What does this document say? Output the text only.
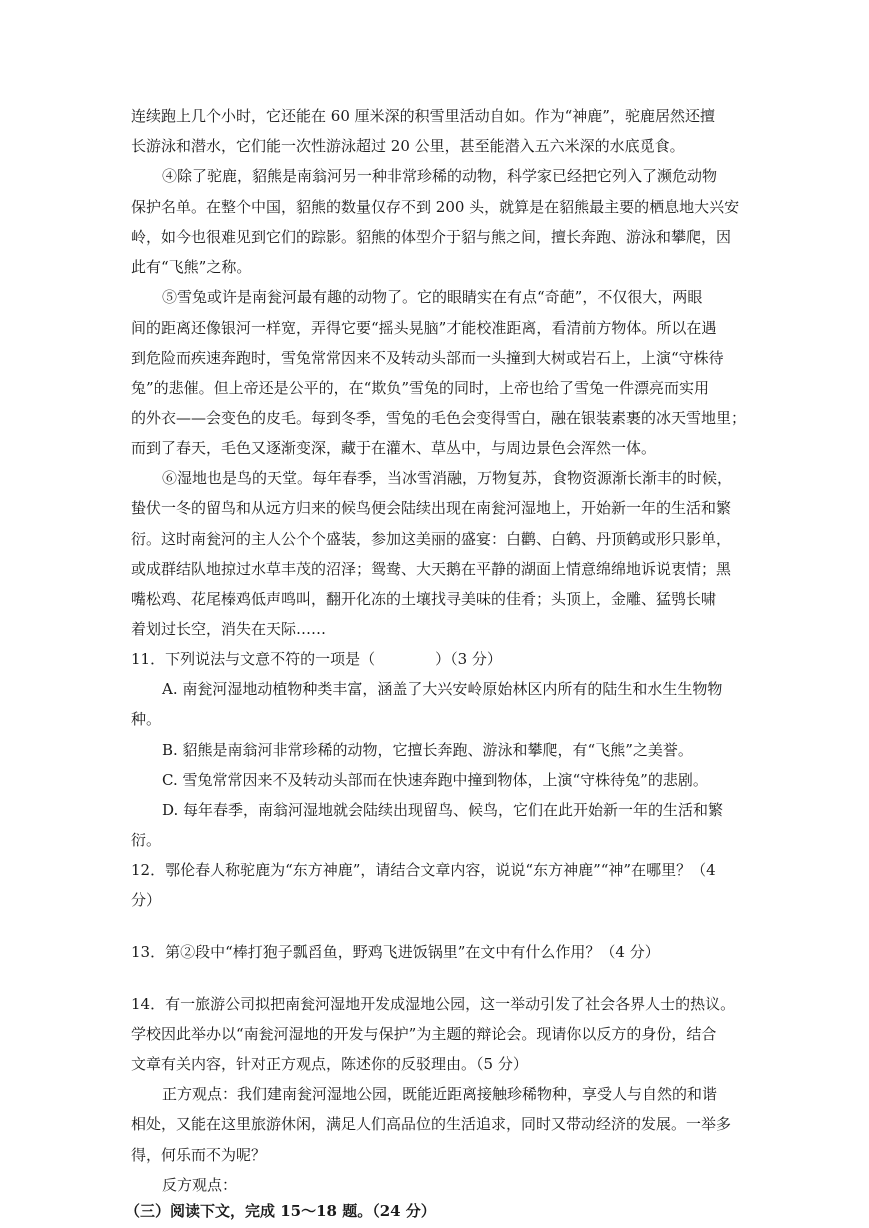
连续跑上几个小时，它还能在 60 厘米深的积雪里活动自如。作为“神鹿”，驼鹿居然还擅
长游泳和潜水，它们能一次性游泳超过 20 公里，甚至能潜入五六米深的水底觅食。
④除了驼鹿，貂熊是南翁河另一种非常珍稀的动物，科学家已经把它列入了濒危动物
保护名单。在整个中国，貂熊的数量仅存不到 200 头，就算是在貂熊最主要的栖息地大兴安
岭，如今也很难见到它们的踪影。貂熊的体型介于貂与熊之间，擅长奔跑、游泳和攀爬，因
此有“飞熊”之称。
⑤雪兔或许是南瓮河最有趣的动物了。它的眼睛实在有点“奇葩”，不仅很大，两眼
间的距离还像银河一样宽，弄得它要“摇头晃脑”才能校准距离，看清前方物体。所以在遇
到危险而疾速奔跑时，雪兔常常因来不及转动头部而一头撞到大树或岩石上，上演“守株待
兔”的悲催。但上帝还是公平的，在“欺负”雪兔的同时，上帝也给了雪兔一件漂亮而实用
的外衣——会变色的皮毛。每到冬季，雪兔的毛色会变得雪白，融在银装素裹的冰天雪地里；
而到了春天，毛色又逐渐变深，藏于在灌木、草丛中，与周边景色会浑然一体。
⑥湿地也是鸟的天堂。每年春季，当冰雪消融，万物复苏，食物资源渐长渐丰的时候，
蛰伏一冬的留鸟和从远方归来的候鸟便会陆续出现在南瓮河湿地上，开始新一年的生活和繁
衍。这时南瓮河的主人公个个盛装，参加这美丽的盛宴：白鹳、白鹤、丹顶鹤或形只影单，
或成群结队地掠过水草丰茂的沼泽；鸳鸯、大天鹅在平静的湖面上情意绵绵地诉说衷情；黑
嘴松鸡、花尾榛鸡低声鸣叫，翻开化冻的土壤找寻美味的佳肴；头顶上，金雕、猛鸮长啸
着划过长空，消失在天际……
11．下列说法与文意不符的一项是（　　　　）（3 分）
A. 南瓮河湿地动植物种类丰富，涵盖了大兴安岭原始林区内所有的陆生和水生生物物
种。
B. 貂熊是南翁河非常珍稀的动物，它擅长奔跑、游泳和攀爬，有“飞熊”之美誉。
C. 雪兔常常因来不及转动头部而在快速奔跑中撞到物体，上演“守株待兔”的悲剧。
D. 每年春季，南翁河湿地就会陆续出现留鸟、候鸟，它们在此开始新一年的生活和繁
衍。
12．鄂伦春人称驼鹿为“东方神鹿”，请结合文章内容，说说“东方神鹿”“神”在哪里？（4
分）
13．第②段中“棒打狍子瓢舀鱼，野鸡飞进饭锅里”在文中有什么作用？（4 分）
14．有一旅游公司拟把南瓮河湿地开发成湿地公园，这一举动引发了社会各界人士的热议。
学校因此举办以“南瓮河湿地的开发与保护”为主题的辩论会。现请你以反方的身份，结合
文章有关内容，针对正方观点，陈述你的反驳理由。（5 分）
正方观点：我们建南瓮河湿地公园，既能近距离接触珍稀物种，享受人与自然的和谐
相处，又能在这里旅游休闲，满足人们高品位的生活追求，同时又带动经济的发展。一举多
得，何乐而不为呢？
反方观点：
（三）阅读下文，完成 15～18 题。（24 分）
